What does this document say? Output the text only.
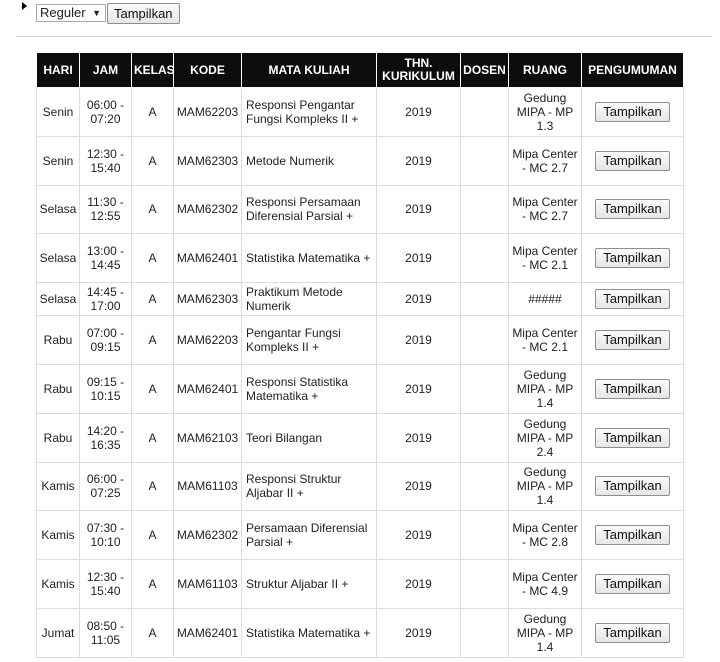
Reguler ▼	Tampilkan
HARI	JAM	KELAS	KODE	MATA KULIAH	THN. KURIKULUM	DOSEN	RUANG	PENGUMUMAN
Senin	06:00 - 07:20	A	MAM62203	Responsi Pengantar Fungsi Kompleks II +	2019		Gedung MIPA - MP 1.3	Tampilkan
Senin	12:30 - 15:40	A	MAM62303	Metode Numerik	2019		Mipa Center - MC 2.7	Tampilkan
Selasa	11:30 - 12:55	A	MAM62302	Responsi Persamaan Diferensial Parsial +	2019		Mipa Center - MC 2.7	Tampilkan
Selasa	13:00 - 14:45	A	MAM62401	Statistika Matematika +	2019		Mipa Center - MC 2.1	Tampilkan
Selasa	14:45 - 17:00	A	MAM62303	Praktikum Metode Numerik	2019		#####	Tampilkan
Rabu	07:00 - 09:15	A	MAM62203	Pengantar Fungsi Kompleks II +	2019		Mipa Center - MC 2.1	Tampilkan
Rabu	09:15 - 10:15	A	MAM62401	Responsi Statistika Matematika +	2019		Gedung MIPA - MP 1.4	Tampilkan
Rabu	14:20 - 16:35	A	MAM62103	Teori Bilangan	2019		Gedung MIPA - MP 2.4	Tampilkan
Kamis	06:00 - 07:25	A	MAM61103	Responsi Struktur Aljabar II +	2019		Gedung MIPA - MP 1.4	Tampilkan
Kamis	07:30 - 10:10	A	MAM62302	Persamaan Diferensial Parsial +	2019		Mipa Center - MC 2.8	Tampilkan
Kamis	12:30 - 15:40	A	MAM61103	Struktur Aljabar II +	2019		Mipa Center - MC 4.9	Tampilkan
Jumat	08:50 - 11:05	A	MAM62401	Statistika Matematika +	2019		Gedung MIPA - MP 1.4	Tampilkan
